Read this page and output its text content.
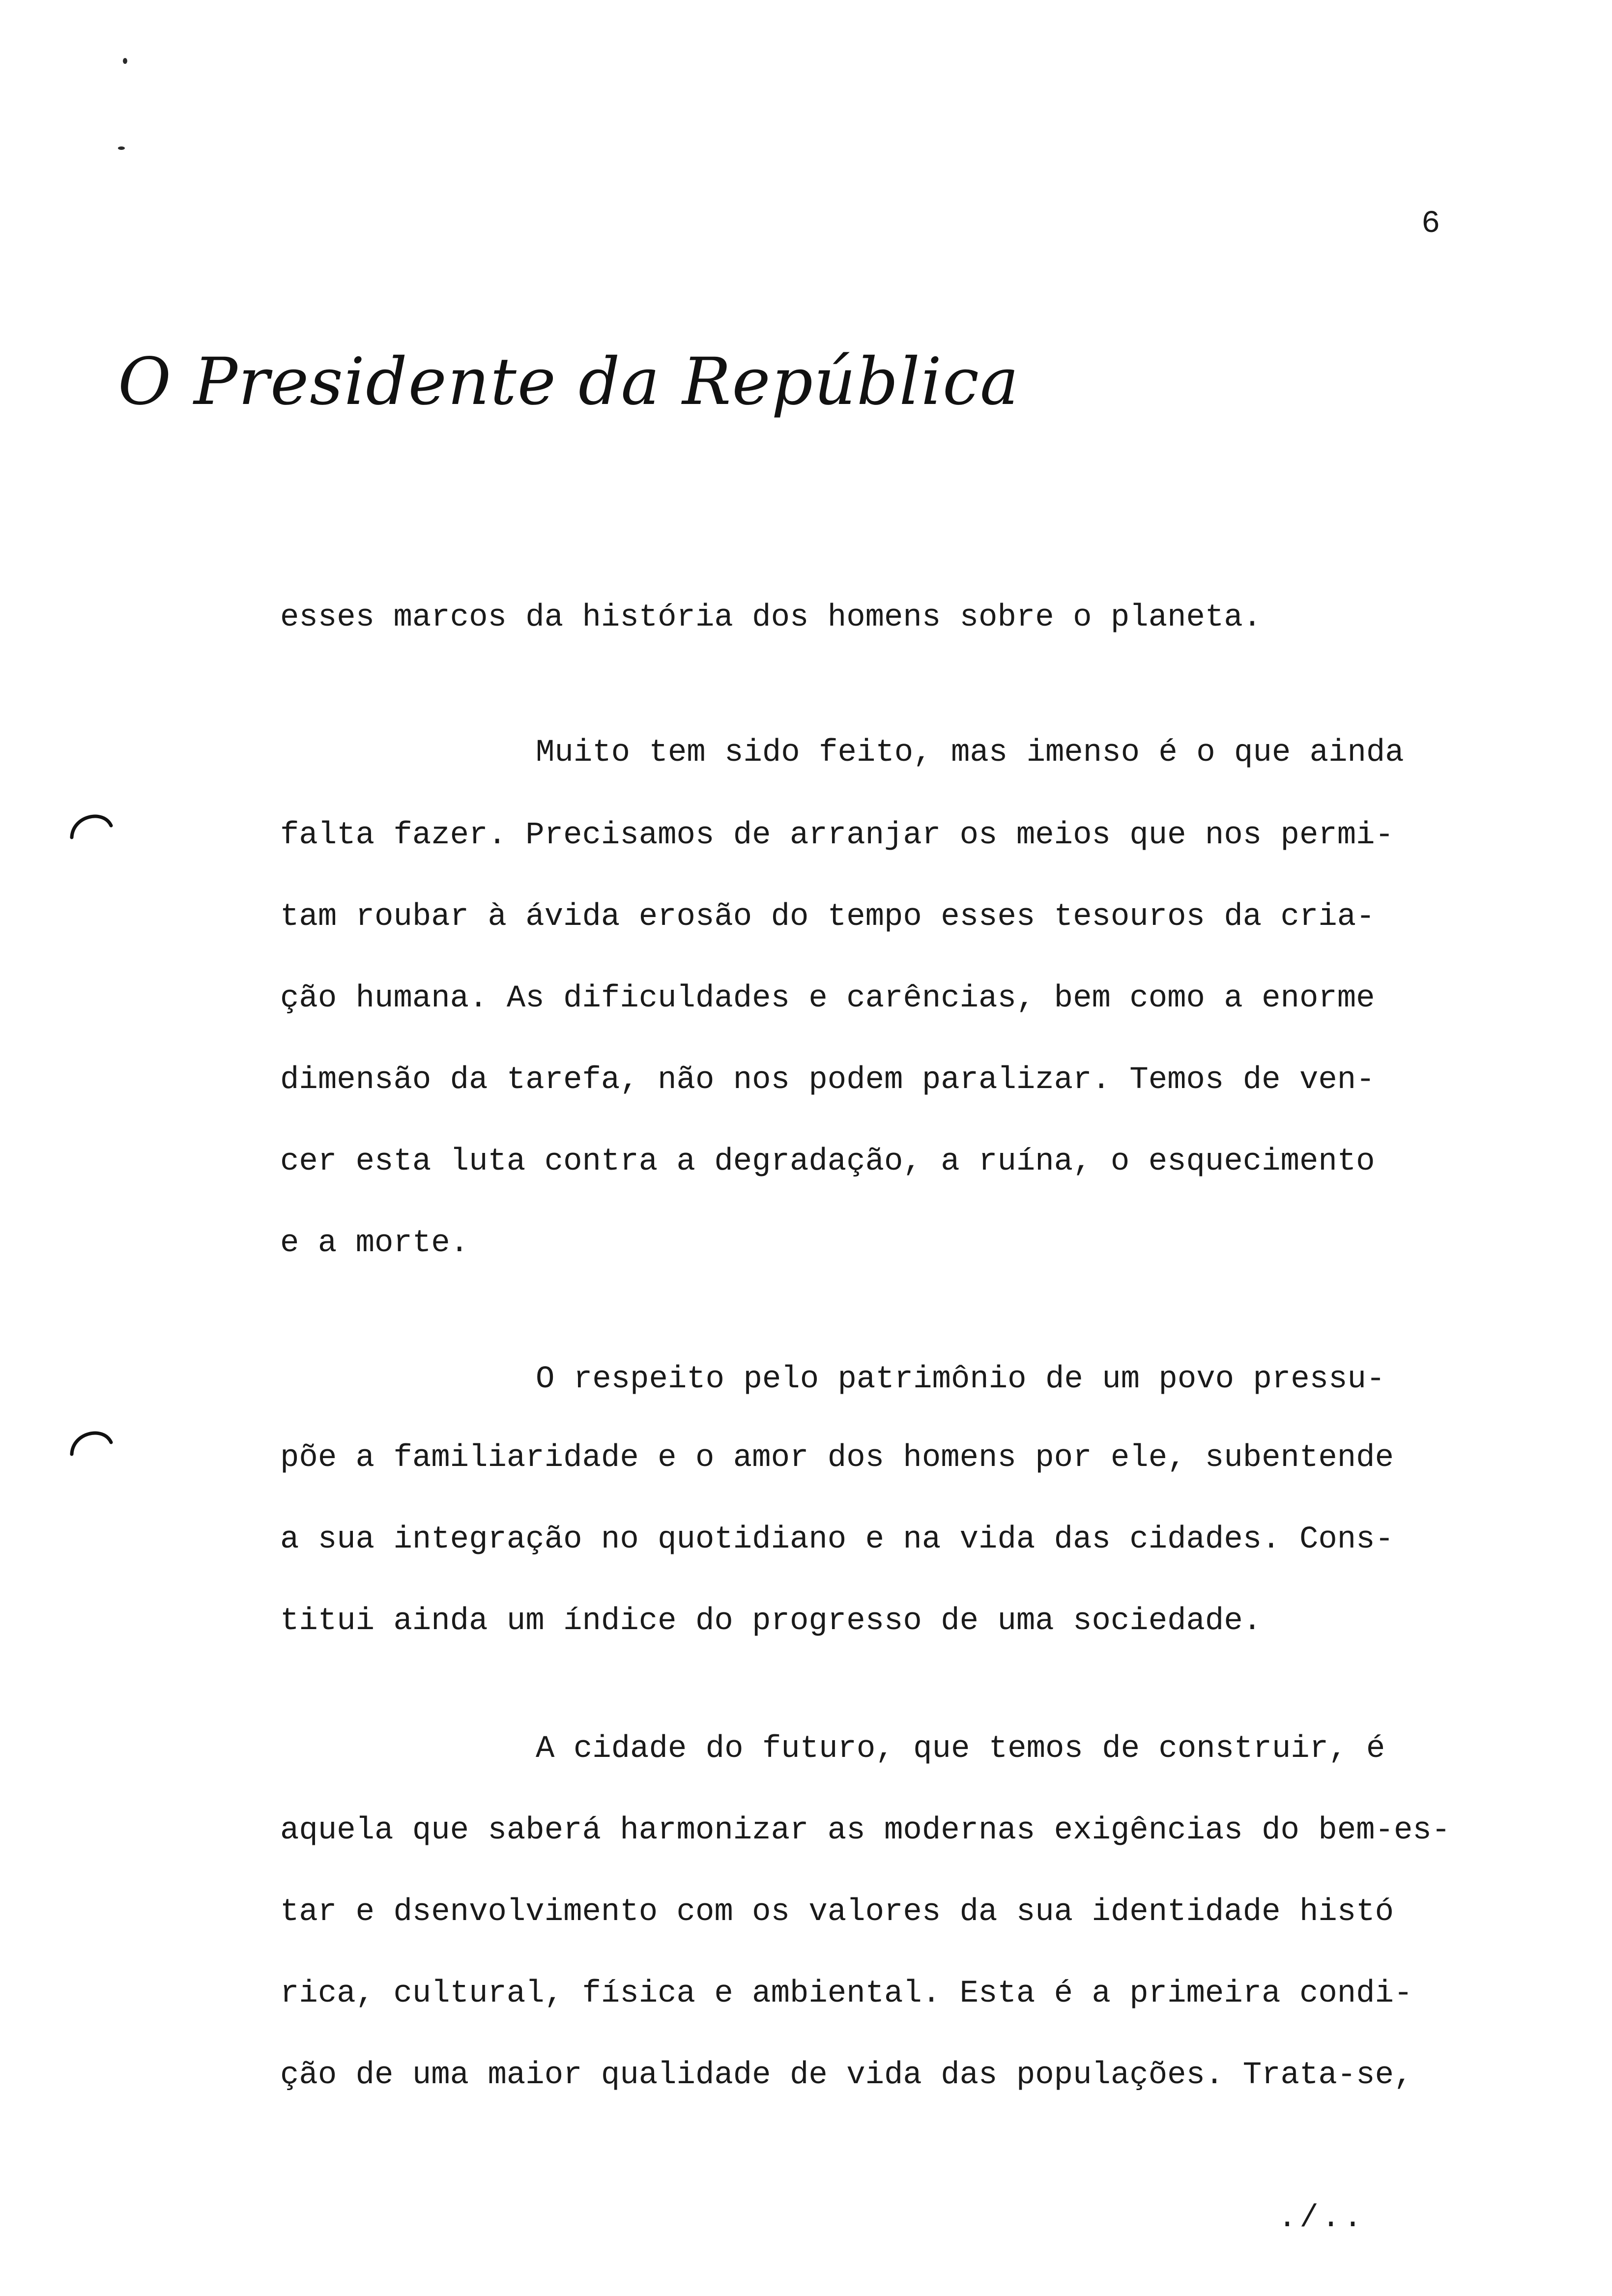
6
O Presidente da República
esses marcos da história dos homens sobre o planeta.
Muito tem sido feito, mas imenso é o que ainda
falta fazer. Precisamos de arranjar os meios que nos permi-
tam roubar à ávida erosão do tempo esses tesouros da cria-
ção humana. As dificuldades e carências, bem como a enorme
dimensão da tarefa, não nos podem paralizar. Temos de ven-
cer esta luta contra a degradação, a ruína, o esquecimento
e a morte.
O respeito pelo patrimônio de um povo pressu-
põe a familiaridade e o amor dos homens por ele, subentende
a sua integração no quotidiano e na vida das cidades. Cons-
titui ainda um índice do progresso de uma sociedade.
A cidade do futuro, que temos de construir, é
aquela que saberá harmonizar as modernas exigências do bem-es-
tar e dsenvolvimento com os valores da sua identidade histó
rica, cultural, física e ambiental. Esta é a primeira condi-
ção de uma maior qualidade de vida das populações. Trata-se,
./..
